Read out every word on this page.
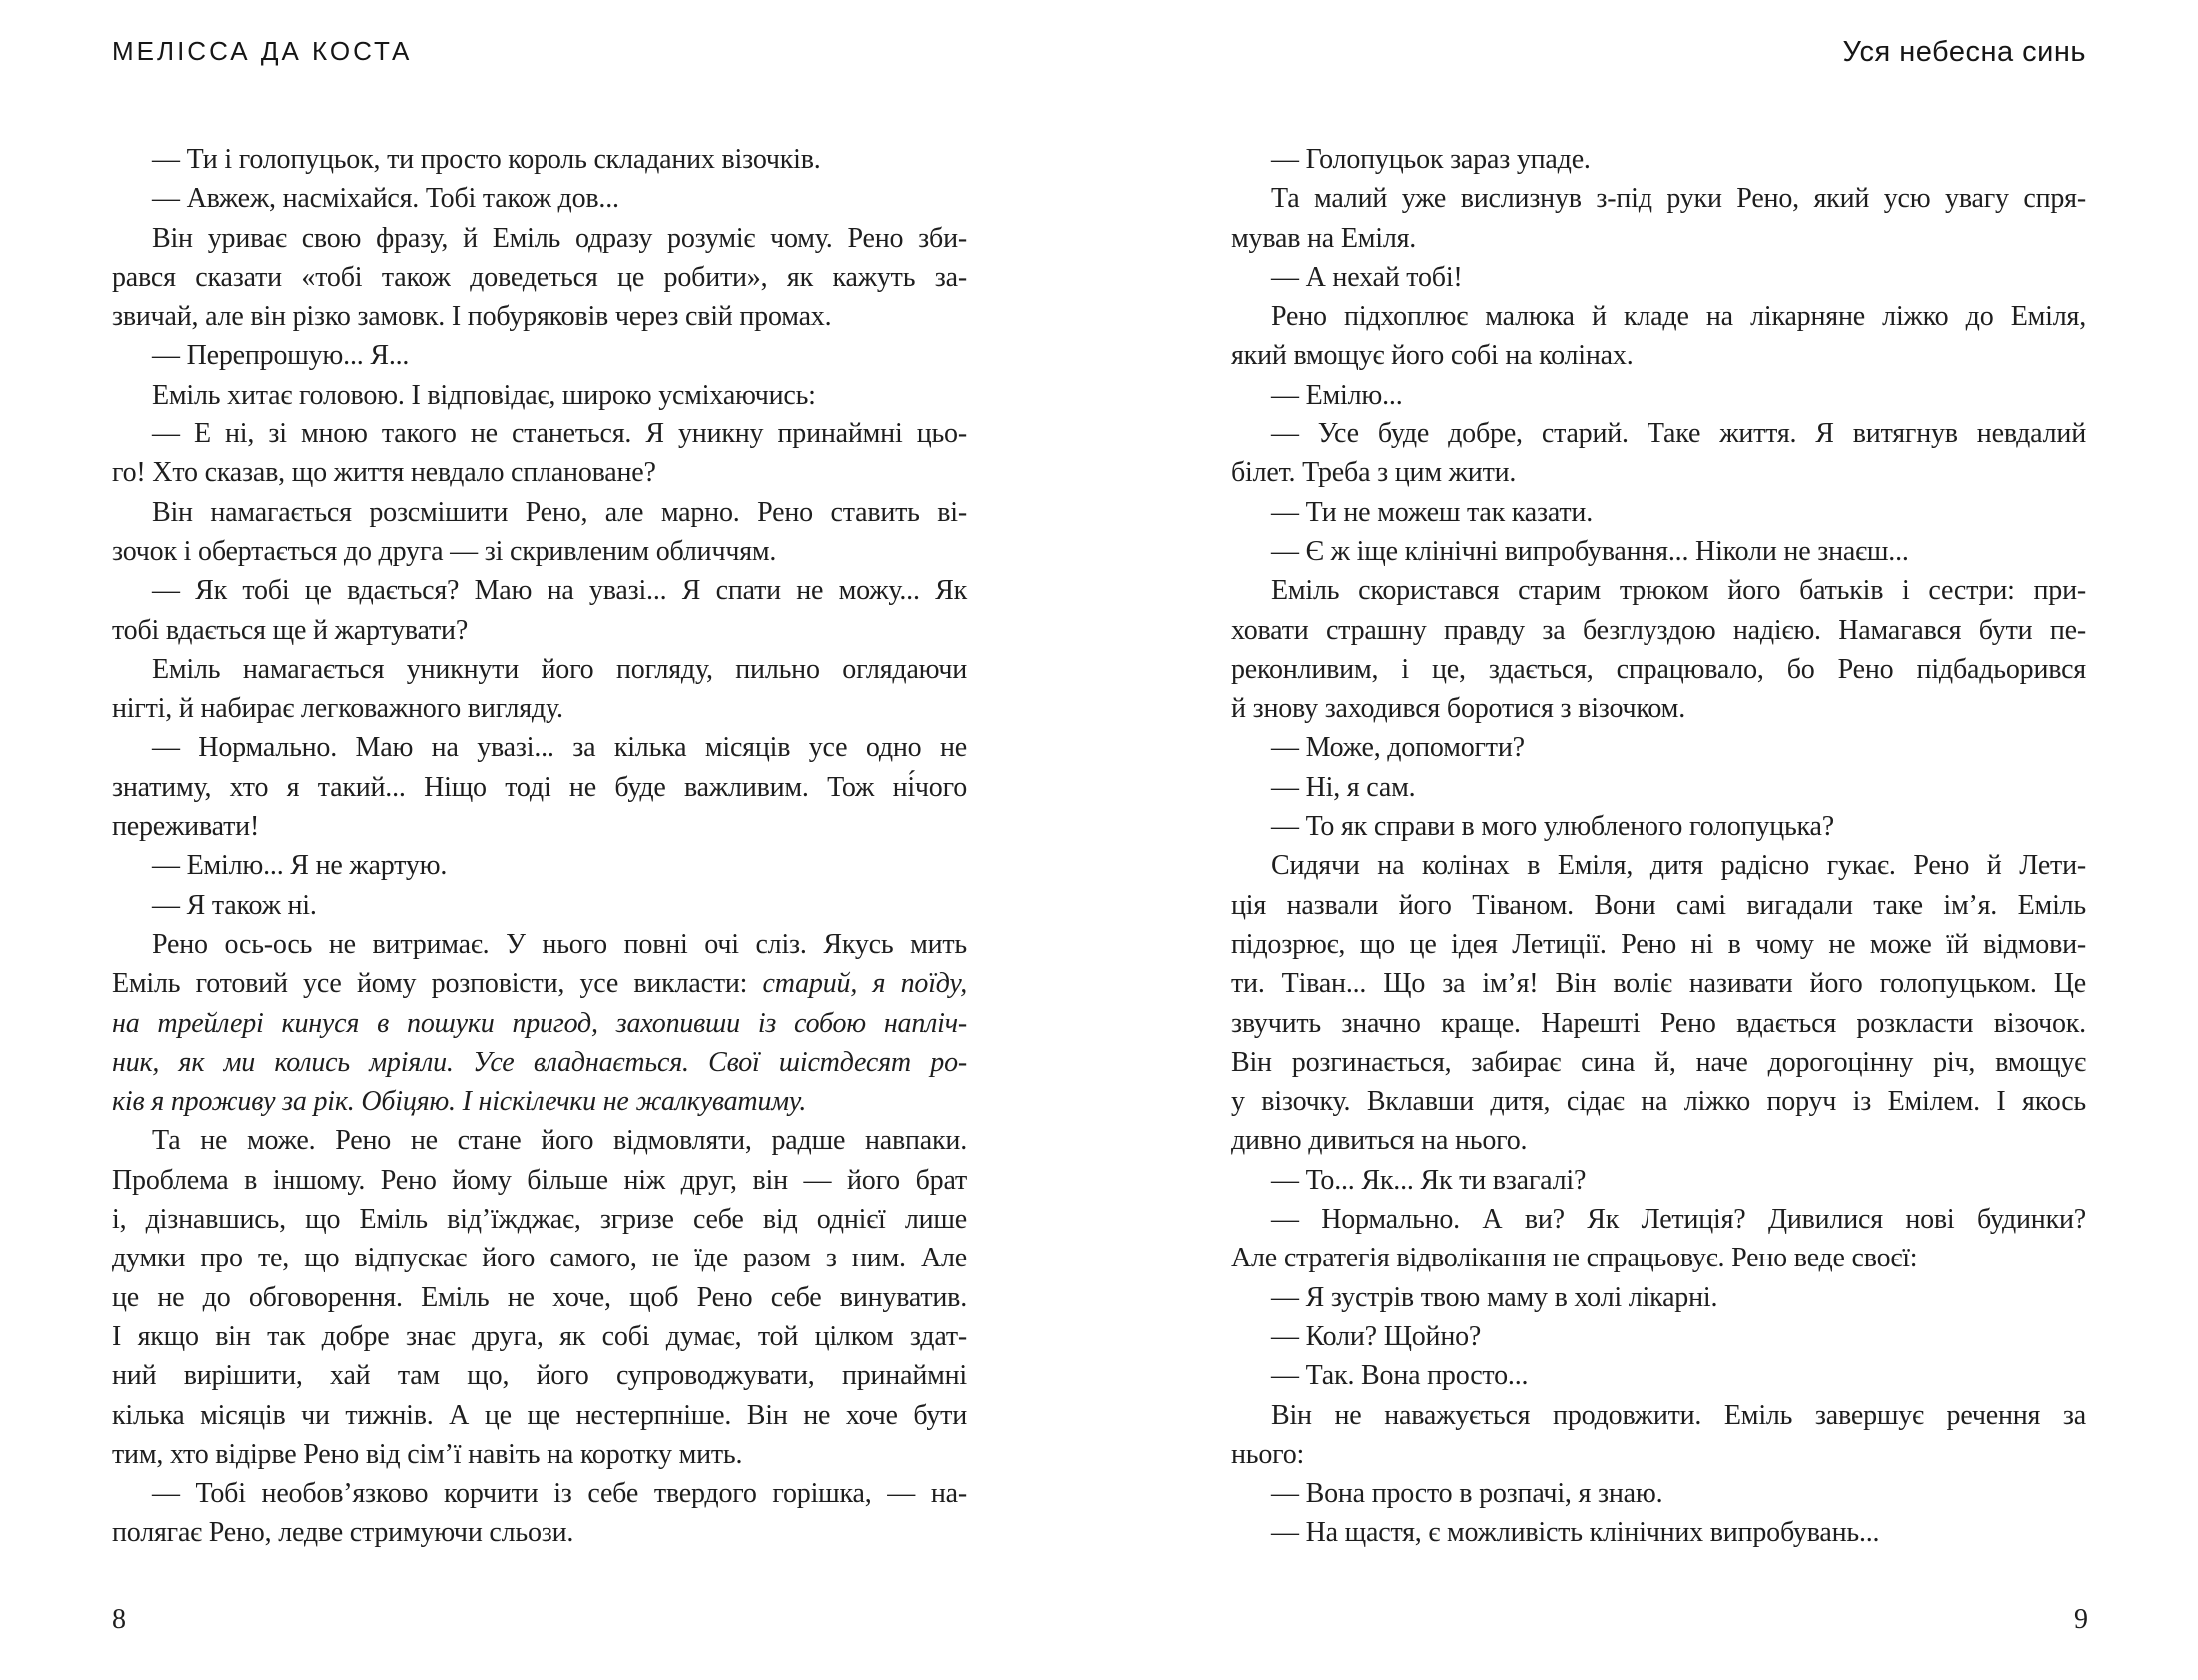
МЕЛІССА ДА КОСТА	Уся небесна синь
— Ти і голопуцьок, ти просто король складаних візочків.
— Авжеж, насміхайся. Тобі також дов...
Він уриває свою фразу, й Еміль одразу розуміє чому. Рено зби-
рався сказати «тобі також доведеться це робити», як кажуть за-
звичай, але він різко замовк. І побуряковів через свій промах.
— Перепрошую... Я...
Еміль хитає головою. І відповідає, широко усміхаючись:
— Е ні, зі мною такого не станеться. Я уникну принаймні цьо-
го! Хто сказав, що життя невдало сплановане?
Він намагається розсмішити Рено, але марно. Рено ставить ві-
зочок і обертається до друга — зі скривленим обличчям.
— Як тобі це вдається? Маю на увазі... Я спати не можу... Як
тобі вдається ще й жартувати?
Еміль намагається уникнути його погляду, пильно оглядаючи
нігті, й набирає легковажного вигляду.
— Нормально. Маю на увазі... за кілька місяців усе одно не
знатиму, хто я такий... Ніщо тоді не буде важливим. Тож ні́чого
переживати!
— Емілю... Я не жартую.
— Я також ні.
Рено ось-ось не витримає. У нього повні очі сліз. Якусь мить
Еміль готовий усе йому розповісти, усе викласти: старий, я поїду,
на трейлері кинуся в пошуки пригод, захопивши із собою напліч-
ник, як ми колись мріяли. Усе владнається. Свої шістдесят ро-
ків я проживу за рік. Обіцяю. І ніскілечки не жалкуватиму.
Та не може. Рено не стане його відмовляти, радше навпаки.
Проблема в іншому. Рено йому більше ніж друг, він — його брат
і, дізнавшись, що Еміль від’їжджає, згризе себе від однієї лише
думки про те, що відпускає його самого, не їде разом з ним. Але
це не до обговорення. Еміль не хоче, щоб Рено себе винуватив.
І якщо він так добре знає друга, як собі думає, той цілком здат-
ний вирішити, хай там що, його супроводжувати, принаймні
кілька місяців чи тижнів. А це ще нестерпніше. Він не хоче бути
тим, хто відірве Рено від сім’ї навіть на коротку мить.
— Тобі необов’язково корчити із себе твердого горішка, — на-
полягає Рено, ледве стримуючи сльози.
— Голопуцьок зараз упаде.
Та малий уже вислизнув з-під руки Рено, який усю увагу спря-
мував на Еміля.
— А нехай тобі!
Рено підхоплює малюка й кладе на лікарняне ліжко до Еміля,
який вмощує його собі на колінах.
— Емілю...
— Усе буде добре, старий. Таке життя. Я витягнув невдалий
білет. Треба з цим жити.
— Ти не можеш так казати.
— Є ж іще клінічні випробування... Ніколи не знаєш...
Еміль скористався старим трюком його батьків і сестри: при-
ховати страшну правду за безглуздою надією. Намагався бути пе-
реконливим, і це, здається, спрацювало, бо Рено підбадьорився
й знову заходився боротися з візочком.
— Може, допомогти?
— Ні, я сам.
— То як справи в мого улюбленого голопуцька?
Сидячи на колінах в Еміля, дитя радісно гукає. Рено й Лети-
ція назвали його Тіваном. Вони самі вигадали таке ім’я. Еміль
підозрює, що це ідея Летиції. Рено ні в чому не може їй відмови-
ти. Тіван... Що за ім’я! Він воліє називати його голопуцьком. Це
звучить значно краще. Нарешті Рено вдається розкласти візочок.
Він розгинається, забирає сина й, наче дорогоцінну річ, вмощує
у візочку. Вклавши дитя, сідає на ліжко поруч із Емілем. І якось
дивно дивиться на нього.
— То... Як... Як ти взагалі?
— Нормально. А ви? Як Летиція? Дивилися нові будинки?
Але стратегія відволікання не спрацьовує. Рено веде своєї:
— Я зустрів твою маму в холі лікарні.
— Коли? Щойно?
— Так. Вона просто...
Він не наважується продовжити. Еміль завершує речення за
нього:
— Вона просто в розпачі, я знаю.
— На щастя, є можливість клінічних випробувань...
8	9
